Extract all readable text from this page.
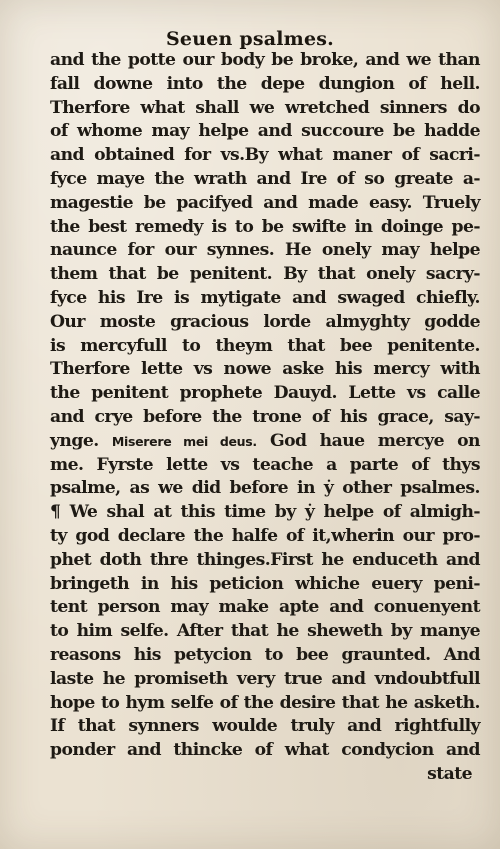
Seuen psalmes.
and the potte our body be broke, and we than
fall downe into the depe dungion of hell.
Therfore what shall we wretched sinners do
of whome may helpe and succoure be hadde
and obtained for vs.By what maner of sacri-
fyce maye the wrath and Ire of so greate a-
magestie be pacifyed and made easy. Truely
the best remedy is to be swifte in doinge pe-
naunce for our synnes. He onely may helpe
them that be penitent. By that onely sacry-
fyce his Ire is mytigate and swaged chiefly.
Our moste gracious lorde almyghty godde
is mercyfull to theym that bee penitente.
Therfore lette vs nowe aske his mercy with
the penitent prophete Dauyd. Lette vs calle
and crye before the trone of his grace, say-
ynge. Miserere mei deus. God haue mercye on
me. Fyrste lette vs teache a parte of thys
psalme, as we did before in ẏ other psalmes.
¶ We shal at this time by ẏ helpe of almigh-
ty god declare the halfe of it,wherin our pro-
phet doth thre thinges.First he enduceth and
bringeth in his peticion whiche euery peni-
tent person may make apte and conuenyent
to him selfe. After that he sheweth by manye
reasons his petycion to bee graunted. And
laste he promiseth very true and vndoubtfull
hope to hym selfe of the desire that he asketh.
If that synners woulde truly and rightfully
ponder and thincke of what condycion and
state
